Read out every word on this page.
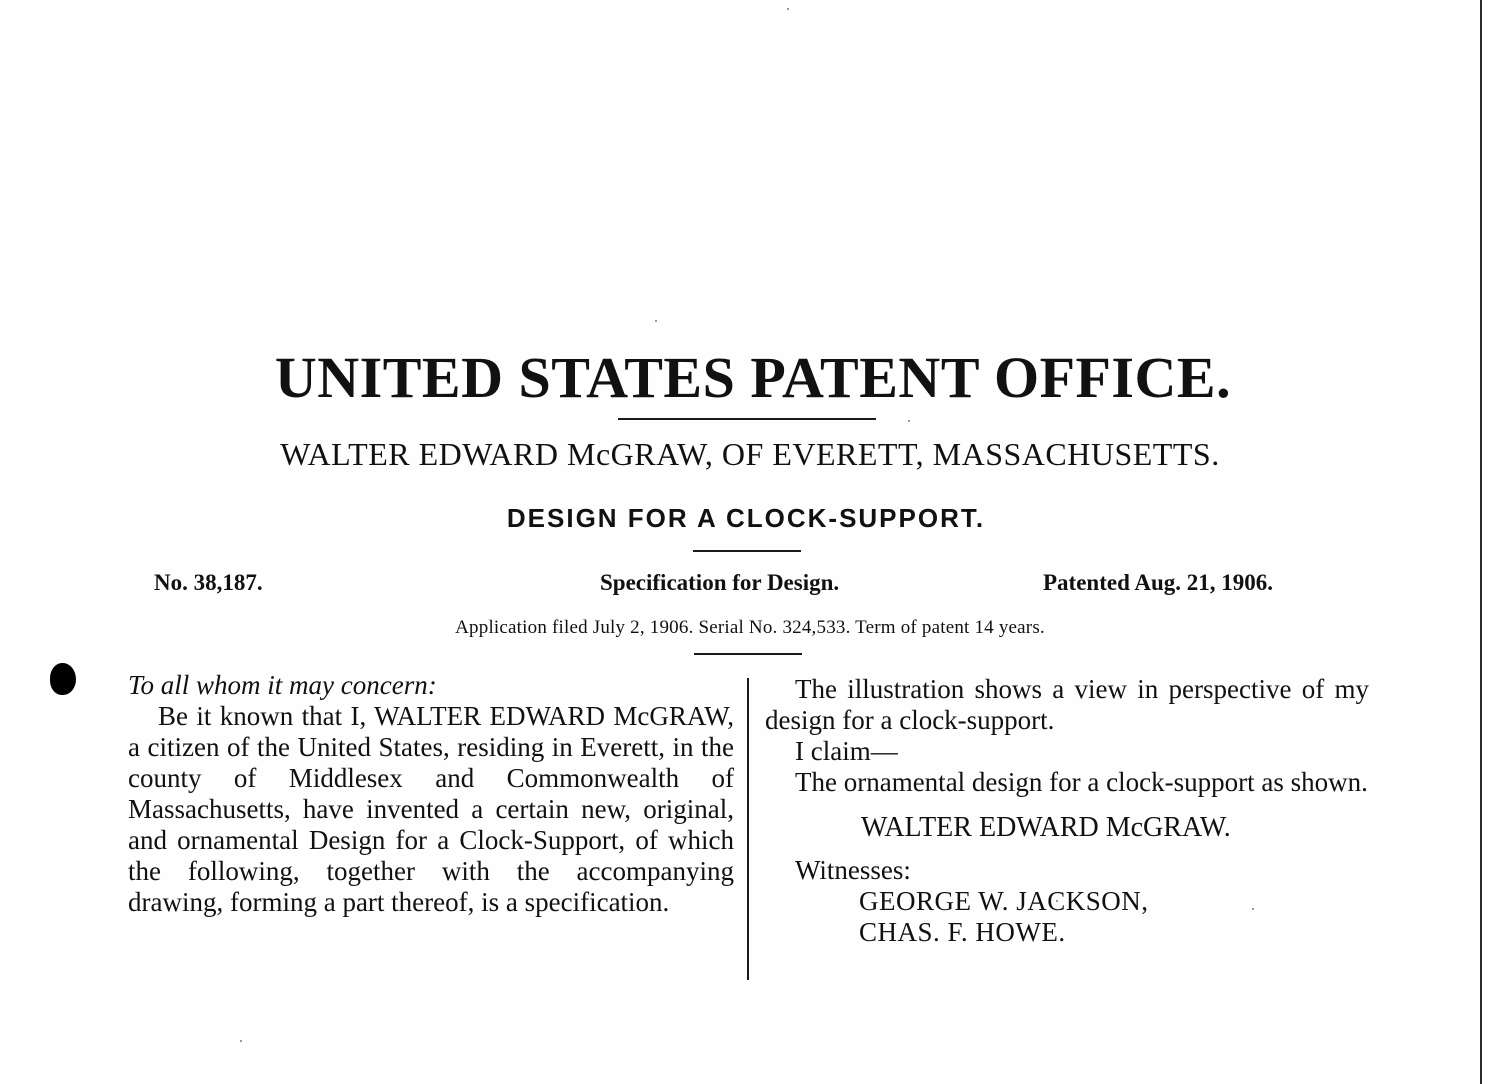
UNITED STATES PATENT OFFICE.

WALTER EDWARD McGRAW, OF EVERETT, MASSACHUSETTS.

DESIGN FOR A CLOCK-SUPPORT.
No. 38,187.	Specification for Design.	Patented Aug. 21, 1906.

Application filed July 2, 1906. Serial No. 324,533. Term of patent 14 years.

To all whom it may concern:

Be it known that I, WALTER EDWARD McGRAW, a citizen of the United States, residing in Everett, in the county of Middlesex and Commonwealth of Massachusetts, have invented a certain new, original, and ornamental Design for a Clock-Support, of which the following, together with the accompanying drawing, forming a part thereof, is a specification.

The illustration shows a view in perspective of my design for a clock-support.

I claim—

The ornamental design for a clock-support as shown.

WALTER EDWARD McGRAW.

Witnesses:

GEORGE W. JACKSON,

CHAS. F. HOWE.
